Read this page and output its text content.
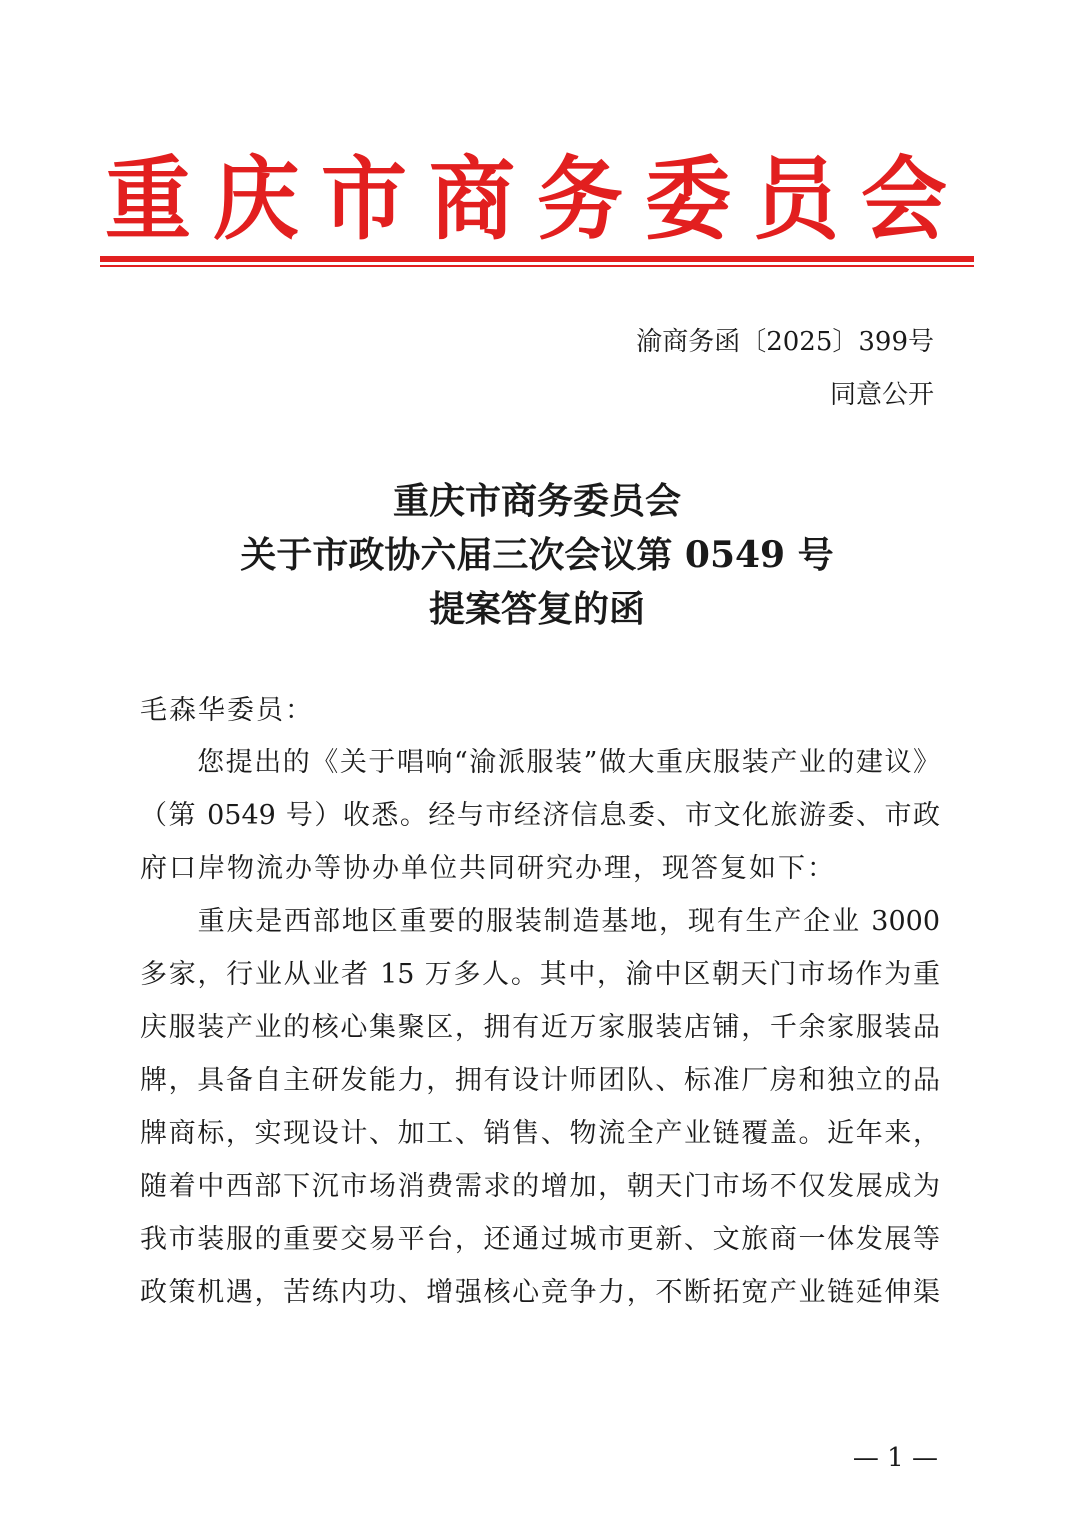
重庆市商务委员会
渝商务函〔2025〕399号
同意公开
重庆市商务委员会
关于市政协六届三次会议第 0549 号
提案答复的函
毛森华委员：
　　您提出的《关于唱响“渝派服装”做大重庆服装产业的建议》
（第 0549 号）收悉。经与市经济信息委、市文化旅游委、市政
府口岸物流办等协办单位共同研究办理，现答复如下：
　　重庆是西部地区重要的服装制造基地，现有生产企业 3000
多家，行业从业者 15 万多人。其中，渝中区朝天门市场作为重
庆服装产业的核心集聚区，拥有近万家服装店铺，千余家服装品
牌，具备自主研发能力，拥有设计师团队、标准厂房和独立的品
牌商标，实现设计、加工、销售、物流全产业链覆盖。近年来，
随着中西部下沉市场消费需求的增加，朝天门市场不仅发展成为
我市装服的重要交易平台，还通过城市更新、文旅商一体发展等
政策机遇，苦练内功、增强核心竞争力，不断拓宽产业链延伸渠
— 1 —
